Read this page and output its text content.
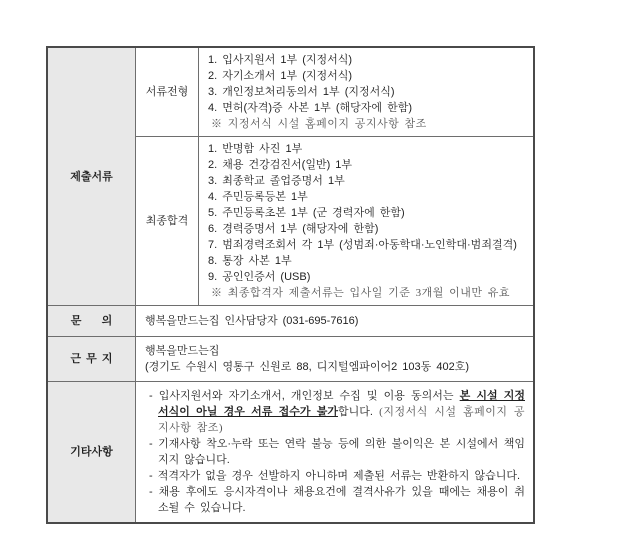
제출서류
서류전형
1. 입사지원서 1부 (지정서식)
2. 자기소개서 1부 (지정서식)
3. 개인정보처리동의서 1부 (지정서식)
4. 면허(자격)증 사본 1부 (해당자에 한함)
※ 지정서식 시설 홈페이지 공지사항 참조
최종합격
1. 반명함 사진 1부
2. 채용 건강검진서(일반) 1부
3. 최종학교 졸업증명서 1부
4. 주민등록등본 1부
5. 주민등록초본 1부 (군 경력자에 한함)
6. 경력증명서 1부 (해당자에 한함)
7. 범죄경력조회서 각 1부 (성범죄·아동학대·노인학대·범죄결격)
8. 통장 사본 1부
9. 공인인증서 (USB)
※ 최종합격자 제출서류는 입사일 기준 3개월 이내만 유효
문    의	행복을만드는집 인사담당자 (031-695-7616)
근 무 지
행복을만드는집
(경기도 수원시 영통구 신원로 88, 디지털엠파이어2 103동 402호)
기타사항
- 입사지원서와 자기소개서, 개인정보 수집 및 이용 동의서는 본 시설 지정서식이 아닐 경우 서류 접수가 불가합니다. (지정서식 시설 홈페이지 공지사항 참조)
- 기재사항 착오·누락 또는 연락 불능 등에 의한 불이익은 본 시설에서 책임지지 않습니다.
- 적격자가 없을 경우 선발하지 아니하며 제출된 서류는 반환하지 않습니다.
- 채용 후에도 응시자격이나 채용요건에 결격사유가 있을 때에는 채용이 취소될 수 있습니다.
